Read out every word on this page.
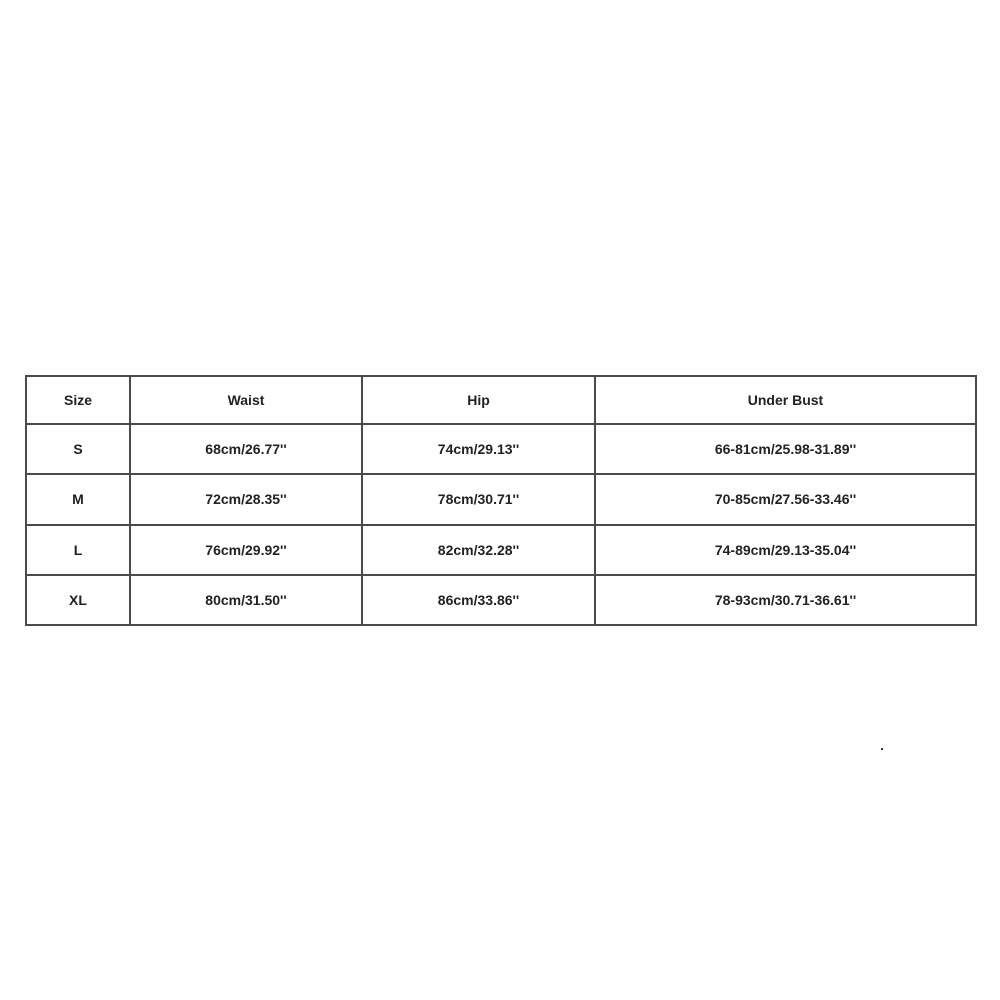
Size	Waist	Hip	Under Bust
S	68cm/26.77''	74cm/29.13''	66-81cm/25.98-31.89''
M	72cm/28.35''	78cm/30.71''	70-85cm/27.56-33.46''
L	76cm/29.92''	82cm/32.28''	74-89cm/29.13-35.04''
XL	80cm/31.50''	86cm/33.86''	78-93cm/30.71-36.61''
